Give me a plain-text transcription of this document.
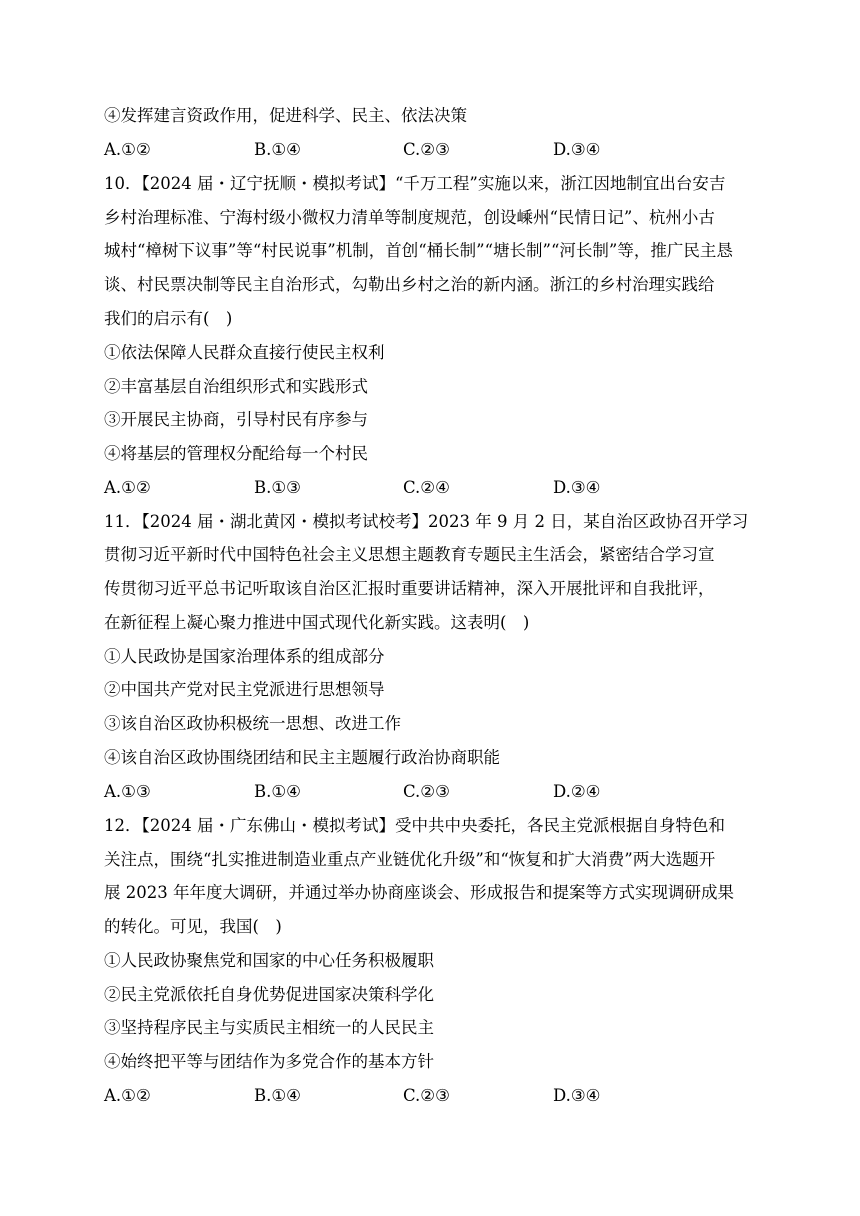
④发挥建言资政作用，促进科学、民主、依法决策
A.①②	B.①④	C.②③	D.③④
10．【2024 届・辽宁抚顺・模拟考试】“千万工程”实施以来，浙江因地制宜出台安吉
乡村治理标准、宁海村级小微权力清单等制度规范，创设嵊州“民情日记”、杭州小古
城村“樟树下议事”等“村民说事”机制，首创“桶长制”“塘长制”“河长制”等，推广民主恳
谈、村民票决制等民主自治形式，勾勒出乡村之治的新内涵。浙江的乡村治理实践给
我们的启示有(　)
①依法保障人民群众直接行使民主权利
②丰富基层自治组织形式和实践形式
③开展民主协商，引导村民有序参与
④将基层的管理权分配给每一个村民
A.①②	B.①③	C.②④	D.③④
11．【2024 届・湖北黄冈・模拟考试校考】2023 年 9 月 2 日，某自治区政协召开学习
贯彻习近平新时代中国特色社会主义思想主题教育专题民主生活会，紧密结合学习宣
传贯彻习近平总书记听取该自治区汇报时重要讲话精神，深入开展批评和自我批评，
在新征程上凝心聚力推进中国式现代化新实践。这表明(　)
①人民政协是国家治理体系的组成部分
②中国共产党对民主党派进行思想领导
③该自治区政协积极统一思想、改进工作
④该自治区政协围绕团结和民主主题履行政治协商职能
A.①③	B.①④	C.②③	D.②④
12．【2024 届・广东佛山・模拟考试】受中共中央委托，各民主党派根据自身特色和
关注点，围绕“扎实推进制造业重点产业链优化升级”和“恢复和扩大消费”两大选题开
展 2023 年年度大调研，并通过举办协商座谈会、形成报告和提案等方式实现调研成果
的转化。可见，我国(　)
①人民政协聚焦党和国家的中心任务积极履职
②民主党派依托自身优势促进国家决策科学化
③坚持程序民主与实质民主相统一的人民民主
④始终把平等与团结作为多党合作的基本方针
A.①②	B.①④	C.②③	D.③④
